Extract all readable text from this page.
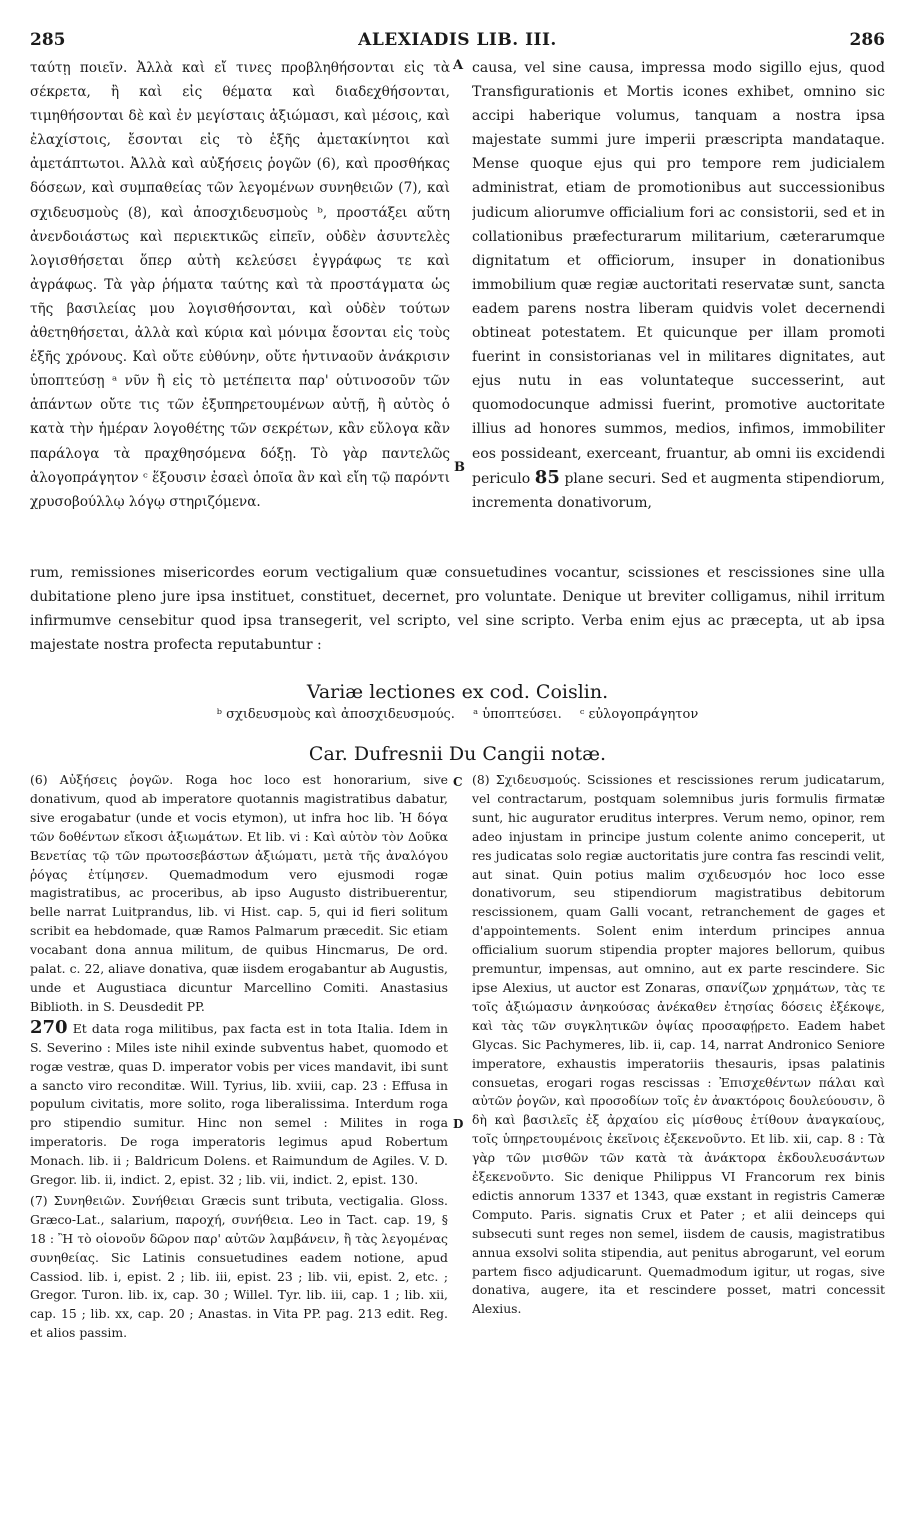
285	ALEXIADIS LIB. III.	286
ταύτῃ ποιεῖν. Ἀλλὰ καὶ εἴ τινες προβληθήσονται εἰς τὰ σέκρετα, ἢ καὶ εἰς θέματα καὶ διαδεχθήσονται, τιμηθήσονται δὲ καὶ ἐν μεγίσταις ἀξιώμασι, καὶ μέσοις, καὶ ἐλαχίστοις, ἔσονται εἰς τὸ ἑξῆς ἀμετακίνητοι καὶ ἀμετάπτωτοι. Ἀλλὰ καὶ αὐξήσεις ῥογῶν (6), καὶ προσθήκας δόσεων, καὶ συμπαθείας τῶν λεγομένων συνηθειῶν (7), καὶ σχιδευσμοὺς (8), καὶ ἀποσχιδευσμοὺς ᵇ, προστάξει αὕτη ἀνενδοιάστως καὶ περιεκτικῶς εἰπεῖν, οὐδὲν ἀσυντελὲς λογισθήσεται ὅπερ αὐτὴ κελεύσει ἐγγράφως τε καὶ ἀγράφως. Τὰ γὰρ ῥήματα ταύτης καὶ τὰ προστάγματα ὡς τῆς βασιλείας μου λογισθήσονται, καὶ οὐδὲν τούτων ἀθετηθήσεται, ἀλλὰ καὶ κύρια καὶ μόνιμα ἔσονται εἰς τοὺς ἑξῆς χρόνους. Καὶ οὔτε εὐθύνην, οὔτε ἡντιναοῦν ἀνάκρισιν ὑποπτεύσῃ ᵃ νῦν ἢ εἰς τὸ μετέπειτα παρ' οὑτινοσοῦν τῶν ἁπάντων οὔτε τις τῶν ἐξυπηρετουμένων αὐτῇ, ἢ αὐτὸς ὁ κατὰ τὴν ἡμέραν λογοθέτης τῶν σεκρέτων, κἂν εὔλογα κἂν παράλογα τὰ πραχθησόμενα δόξῃ. Τὸ γὰρ παντελῶς ἀλογοπράγητον ᶜ ἕξουσιν ἐσαεὶ ὁποῖα ἂν καὶ εἴη τῷ παρόντι χρυσοβούλλῳ λόγῳ στηριζόμενα.
A
B
causa, vel sine causa, impressa modo sigillo ejus, quod Transfigurationis et Mortis icones exhibet, omnino sic accipi haberique volumus, tanquam a nostra ipsa majestate summi jure imperii præscripta mandataque. Mense quoque ejus qui pro tempore rem judicialem administrat, etiam de promotionibus aut successionibus judicum aliorumve officialium fori ac consistorii, sed et in collationibus præfecturarum militarium, cæterarumque dignitatum et officiorum, insuper in donationibus immobilium quæ regiæ auctoritati reservatæ sunt, sancta eadem parens nostra liberam quidvis volet decernendi obtineat potestatem. Et quicunque per illam promoti fuerint in consistorianas vel in militares dignitates, aut ejus nutu in eas voluntateque successerint, aut quomodocunque admissi fuerint, promotive auctoritate illius ad honores summos, medios, infimos, immobiliter eos possideant, exerceant, fruantur, ab omni iis excidendi periculo 85 plane securi. Sed et augmenta stipendiorum, incrementa donativorum,
rum, remissiones misericordes eorum vectigalium quæ consuetudines vocantur, scissiones et rescissiones sine ulla dubitatione pleno jure ipsa instituet, constituet, decernet, pro voluntate. Denique ut breviter colligamus, nihil irritum infirmumve censebitur quod ipsa transegerit, vel scripto, vel sine scripto. Verba enim ejus ac præcepta, ut ab ipsa majestate nostra profecta reputabuntur :
Variæ lectiones ex cod. Coislin.
ᵇ σχιδευσμοὺς καὶ ἀποσχιδευσμούς. ᵃ ὑποπτεύσει. ᶜ εὐλογοπράγητον
Car. Dufresnii Du Cangii notæ.

(6) Αὐξήσεις ῥογῶν. Roga hoc loco est honorarium, sive donativum, quod ab imperatore quotannis magistratibus dabatur, sive erogabatur (unde et vocis etymon), ut infra hoc lib. Ἡ δόγα τῶν δοθέντων εἴκοσι ἀξιωμάτων. Et lib. vi : Καὶ αὐτὸν τὸν Δοῦκα Βενετίας τῷ τῶν πρωτοσεβάστων ἀξιώματι, μετὰ τῆς ἀναλόγου ῥόγας ἐτίμησεν. Quemadmodum vero ejusmodi rogæ magistratibus, ac proceribus, ab ipso Augusto distribuerentur, belle narrat Luitprandus, lib. vi Hist. cap. 5, qui id fieri solitum scribit ea hebdomade, quæ Ramos Palmarum præcedit. Sic etiam vocabant dona annua militum, de quibus Hincmarus, De ord. palat. c. 22, aliave donativa, quæ iisdem erogabantur ab Augustis, unde et Augustiaca dicuntur Marcellino Comiti. Anastasius Biblioth. in S. Deusdedit PP.

270 Et data roga militibus, pax facta est in tota Italia. Idem in S. Severino : Miles iste nihil exinde subventus habet, quomodo et rogæ vestræ, quas D. imperator vobis per vices mandavit, ibi sunt a sancto viro reconditæ. Will. Tyrius, lib. xviii, cap. 23 : Effusa in populum civitatis, more solito, roga liberalissima. Interdum roga pro stipendio sumitur. Hinc non semel : Milites in roga imperatoris. De roga imperatoris legimus apud Robertum Monach. lib. ii ; Baldricum Dolens. et Raimundum de Agiles. V. D. Gregor. lib. ii, indict. 2, epist. 32 ; lib. vii, indict. 2, epist. 130.

(7) Συνηθειῶν. Συνήθειαι Græcis sunt tributa, vectigalia. Gloss. Græco-Lat., salarium, παροχή, συνήθεια. Leo in Tact. cap. 19, § 18 : Ἢ τὸ οἱονοῦν δῶρον παρ' αὐτῶν λαμβάνειν, ἢ τὰς λεγομένας συνηθείας. Sic Latinis consuetudines eadem notione, apud Cassiod. lib. i, epist. 2 ; lib. iii, epist. 23 ; lib. vii, epist. 2, etc. ; Gregor. Turon. lib. ix, cap. 30 ; Willel. Tyr. lib. iii, cap. 1 ; lib. xii, cap. 15 ; lib. xx, cap. 20 ; Anastas. in Vita PP. pag. 213 edit. Reg. et alios passim.

C
D

(8) Σχιδευσμούς. Scissiones et rescissiones rerum judicatarum, vel contractarum, postquam solemnibus juris formulis firmatæ sunt, hic augurator eruditus interpres. Verum nemo, opinor, rem adeo injustam in principe justum colente animo conceperit, ut res judicatas solo regiæ auctoritatis jure contra fas rescindi velit, aut sinat. Quin potius malim σχιδευσμόν hoc loco esse donativorum, seu stipendiorum magistratibus debitorum rescissionem, quam Galli vocant, retranchement de gages et d'appointements. Solent enim interdum principes annua officialium suorum stipendia propter majores bellorum, quibus premuntur, impensas, aut omnino, aut ex parte rescindere. Sic ipse Alexius, ut auctor est Zonaras, σπανίζων χρημάτων, τὰς τε τοῖς ἀξιώμασιν ἀνηκούσας ἀνέκαθεν ἐτησίας δόσεις ἐξέκοψε, καὶ τὰς τῶν συγκλητικῶν ὀψίας προσαφῄρετο. Eadem habet Glycas. Sic Pachymeres, lib. ii, cap. 14, narrat Andronico Seniore imperatore, exhaustis imperatoriis thesauris, ipsas palatinis consuetas, erogari rogas rescissas : Ἐπισχεθέντων πάλαι καὶ αὐτῶν ῥογῶν, καὶ προσοδίων τοῖς ἐν ἀνακτόροις δουλεύουσιν, ὃ δὴ καὶ βασιλεῖς ἐξ ἀρχαίου εἰς μίσθους ἐτίθουν ἀναγκαίους, τοῖς ὑπηρετουμένοις ἐκεῖνοις ἐξεκενοῦντο. Et lib. xii, cap. 8 : Τὰ γὰρ τῶν μισθῶν τῶν κατὰ τὰ ἀνάκτορα ἐκδουλευσάντων ἐξεκενοῦντο. Sic denique Philippus VI Francorum rex binis edictis annorum 1337 et 1343, quæ exstant in registris Cameræ Computo. Paris. signatis Crux et Pater ; et alii deinceps qui subsecuti sunt reges non semel, iisdem de causis, magistratibus annua exsolvi solita stipendia, aut penitus abrogarunt, vel eorum partem fisco adjudicarunt. Quemadmodum igitur, ut rogas, sive donativa, augere, ita et rescindere posset, matri concessit Alexius.
